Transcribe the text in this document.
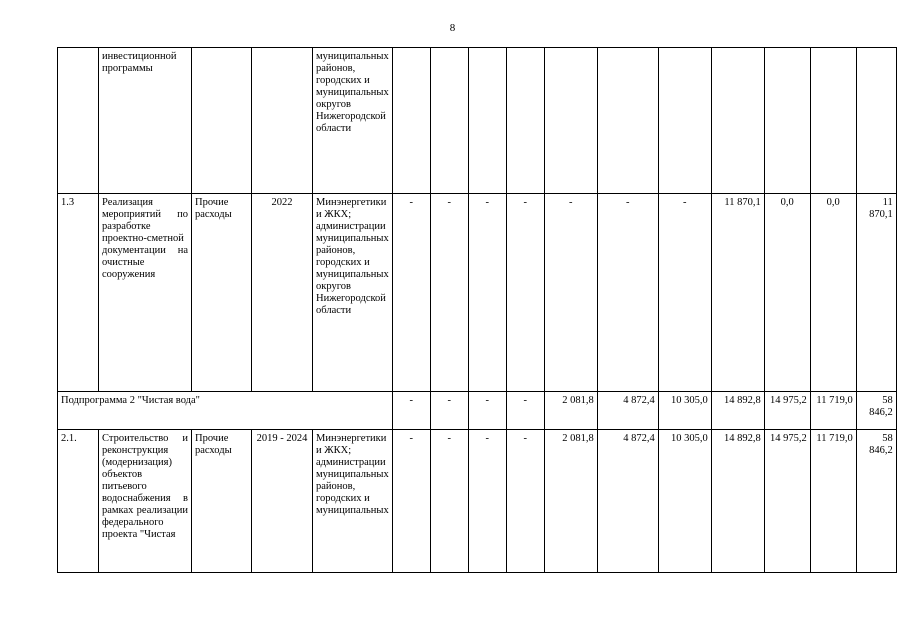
8
	инвестиционной программы			муниципальных районов, городских и муниципальных округов Нижегородской области											
1.3	Реализация мероприятий по разработке проектно-сметной документации на очистные сооружения	Прочие расходы	2022	Минэнергетики и ЖКХ; администрации муниципальных районов, городских и муниципальных округов Нижегородской области	-	-	-	-	-	-	-	11 870,1	0,0	0,0	11 870,1
Подпрограмма 2 "Чистая вода"					-	-	-	-	2 081,8	4 872,4	10 305,0	14 892,8	14 975,2	11 719,0	58 846,2
2.1.	Строительство и реконструкция (модернизация) объектов питьевого водоснабжения в рамках реализации федерального проекта "Чистая	Прочие расходы	2019 - 2024	Минэнергетики и ЖКХ; администрации муниципальных районов, городских и муниципальных	-	-	-	-	2 081,8	4 872,4	10 305,0	14 892,8	14 975,2	11 719,0	58 846,2
